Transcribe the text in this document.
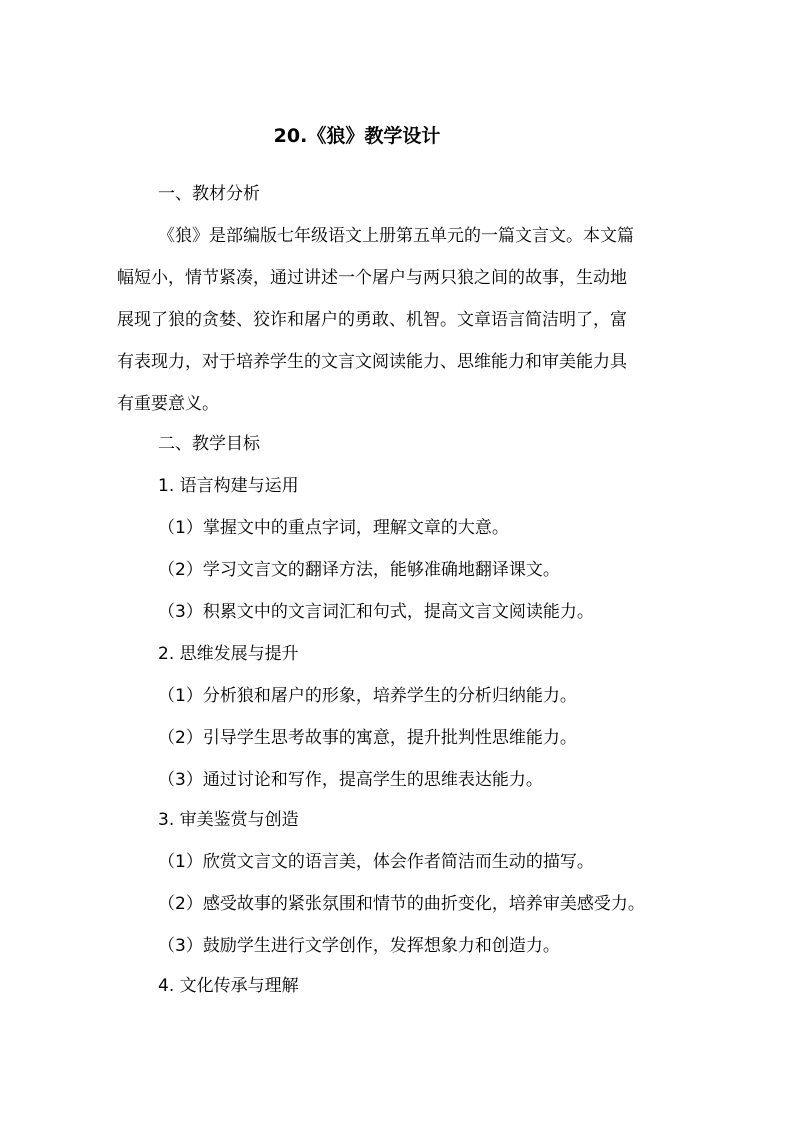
20.《狼》教学设计
一、教材分析
《狼》是部编版七年级语文上册第五单元的一篇文言文。本文篇
幅短小，情节紧凑，通过讲述一个屠户与两只狼之间的故事，生动地
展现了狼的贪婪、狡诈和屠户的勇敢、机智。文章语言简洁明了，富
有表现力，对于培养学生的文言文阅读能力、思维能力和审美能力具
有重要意义。
二、教学目标
1. 语言构建与运用
（1）掌握文中的重点字词，理解文章的大意。
（2）学习文言文的翻译方法，能够准确地翻译课文。
（3）积累文中的文言词汇和句式，提高文言文阅读能力。
2. 思维发展与提升
（1）分析狼和屠户的形象，培养学生的分析归纳能力。
（2）引导学生思考故事的寓意，提升批判性思维能力。
（3）通过讨论和写作，提高学生的思维表达能力。
3. 审美鉴赏与创造
（1）欣赏文言文的语言美，体会作者简洁而生动的描写。
（2）感受故事的紧张氛围和情节的曲折变化，培养审美感受力。
（3）鼓励学生进行文学创作，发挥想象力和创造力。
4. 文化传承与理解
